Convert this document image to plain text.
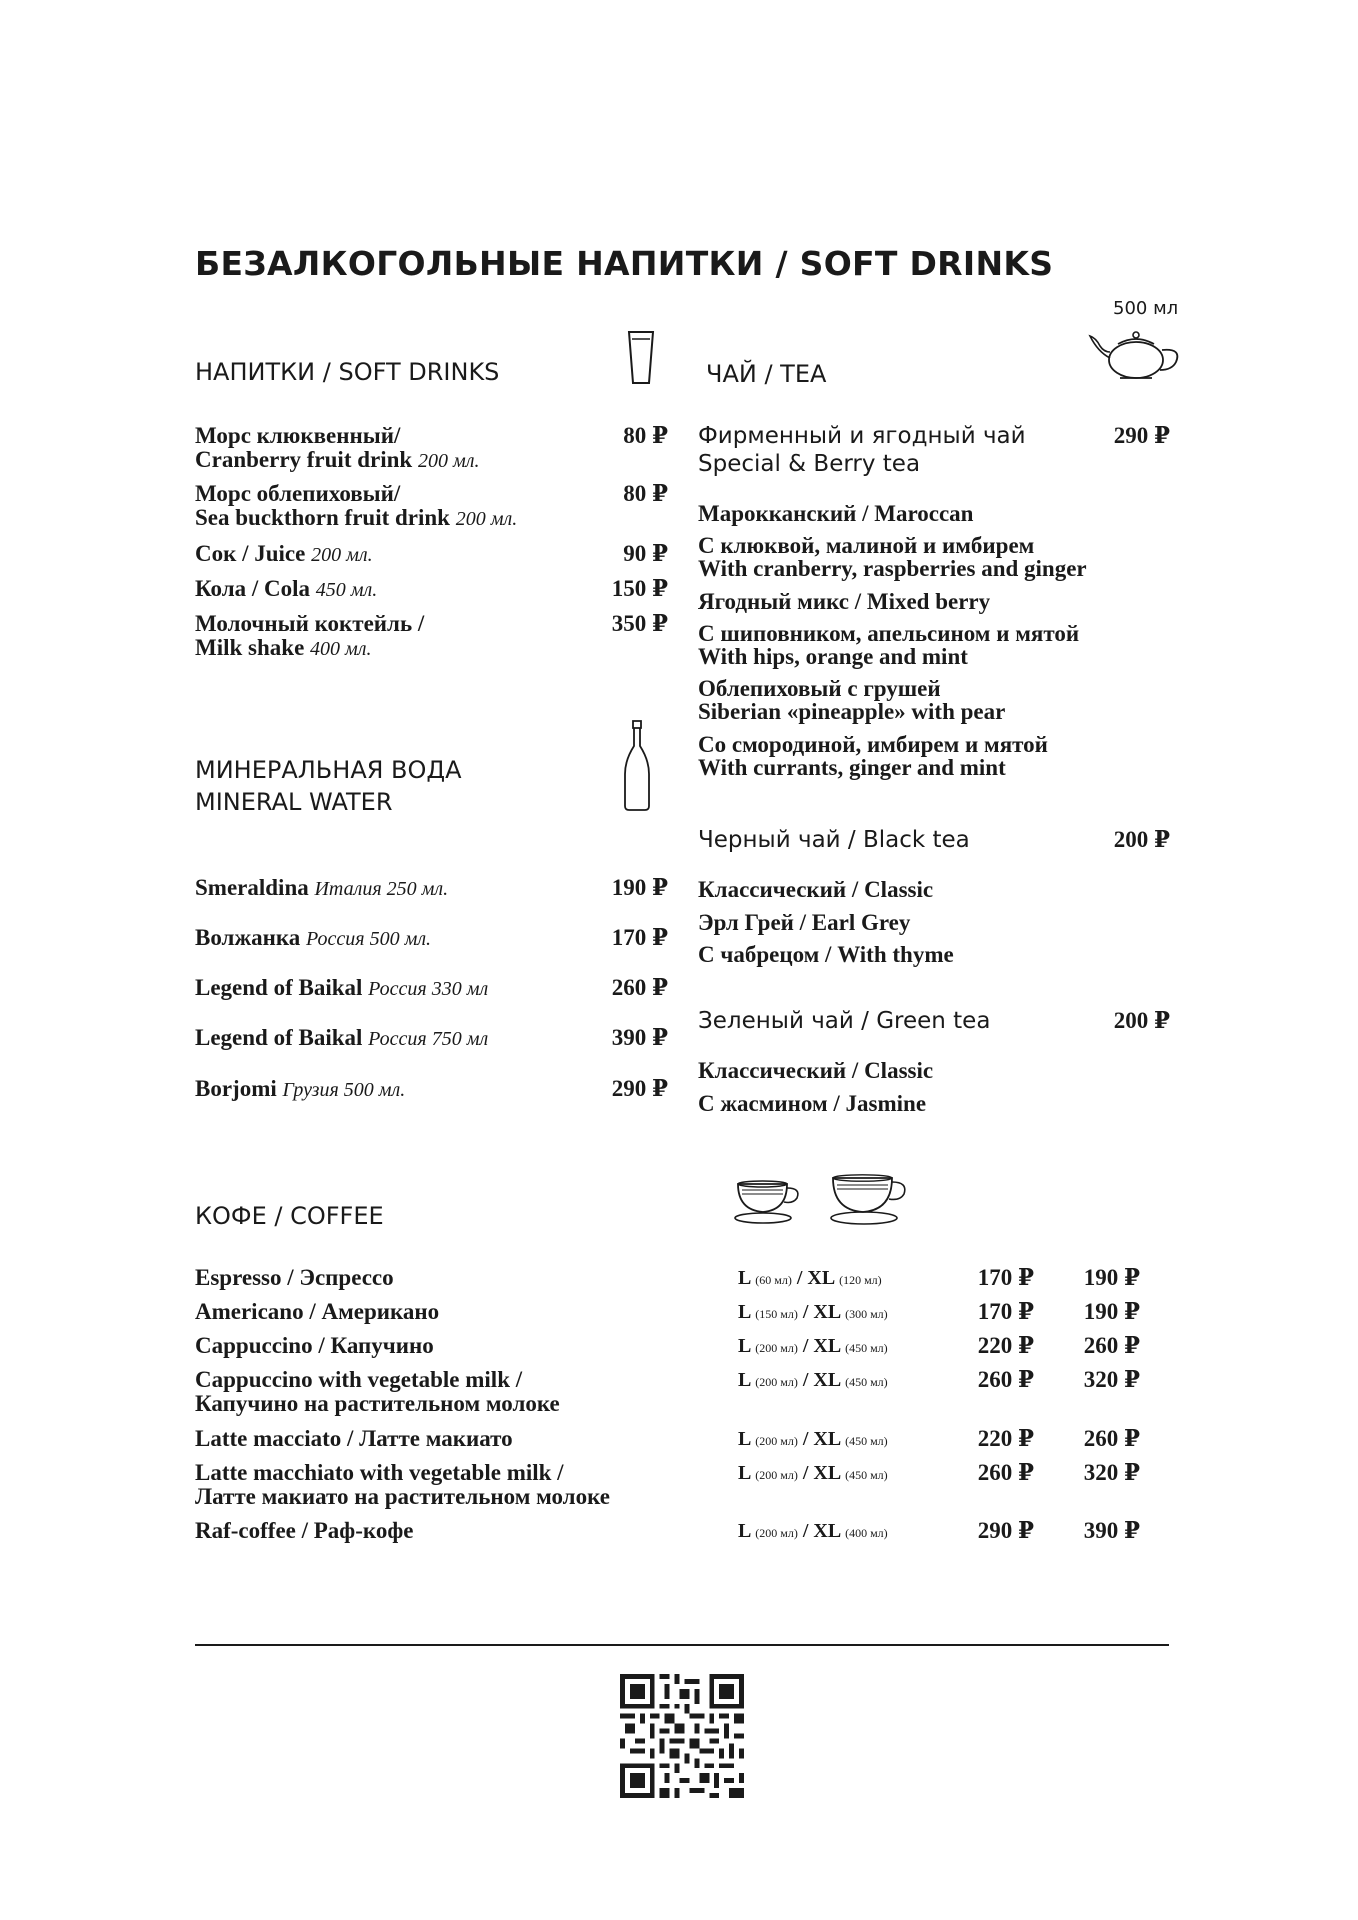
БЕЗАЛКОГОЛЬНЫЕ НАПИТКИ / SOFT DRINKS
НАПИТКИ / SOFT DRINKS
Морс клюквенный/
Cranberry fruit drink 200 мл.
80 ₽
Морс облепиховый/
Sea buckthorn fruit drink 200 мл.
80 ₽
Сок / Juice 200 мл.	90 ₽
Кола / Cola 450 мл.	150 ₽
Молочный коктейль /
Milk shake 400 мл.
350 ₽
МИНЕРАЛЬНАЯ ВОДА
MINERAL WATER
Smeraldina Италия 250 мл.	190 ₽
Волжанка Россия 500 мл.	170 ₽
Legend of Baikal Россия 330 мл	260 ₽
Legend of Baikal Россия 750 мл	390 ₽
Borjomi Грузия 500 мл.	290 ₽
ЧАЙ / TEA
500 мл
Фирменный и ягодный чай
Special & Berry tea
290 ₽
Марокканский / Maroccan
С клюквой, малиной и имбирем
With cranberry, raspberries and ginger
Ягодный микс / Mixed berry
С шиповником, апельсином и мятой
With hips, orange and mint
Облепиховый с грушей
Siberian «pineapple» with pear
Со смородиной, имбирем и мятой
With currants, ginger and mint
Черный чай / Black tea	200 ₽
Классический / Classic
Эрл Грей / Earl Grey
С чабрецом / With thyme
Зеленый чай / Green tea	200 ₽
Классический / Classic
С жасмином / Jasmine
КОФЕ / COFFEE
Espresso / Эспрессо	L (60 мл) / XL (120 мл)	170 ₽	190 ₽
Americano / Американо	L (150 мл) / XL (300 мл)	170 ₽	190 ₽
Cappuccino / Капучино	L (200 мл) / XL (450 мл)	220 ₽	260 ₽
Cappuccino with vegetable milk /
Капучино на растительном молоке
L (200 мл) / XL (450 мл)	260 ₽	320 ₽
Latte macciato / Латте макиато	L (200 мл) / XL (450 мл)	220 ₽	260 ₽
Latte macchiato with vegetable milk /
Латте макиато на растительном молоке
L (200 мл) / XL (450 мл)	260 ₽	320 ₽
Raf-coffee / Раф-кофе	L (200 мл) / XL (400 мл)	290 ₽	390 ₽
